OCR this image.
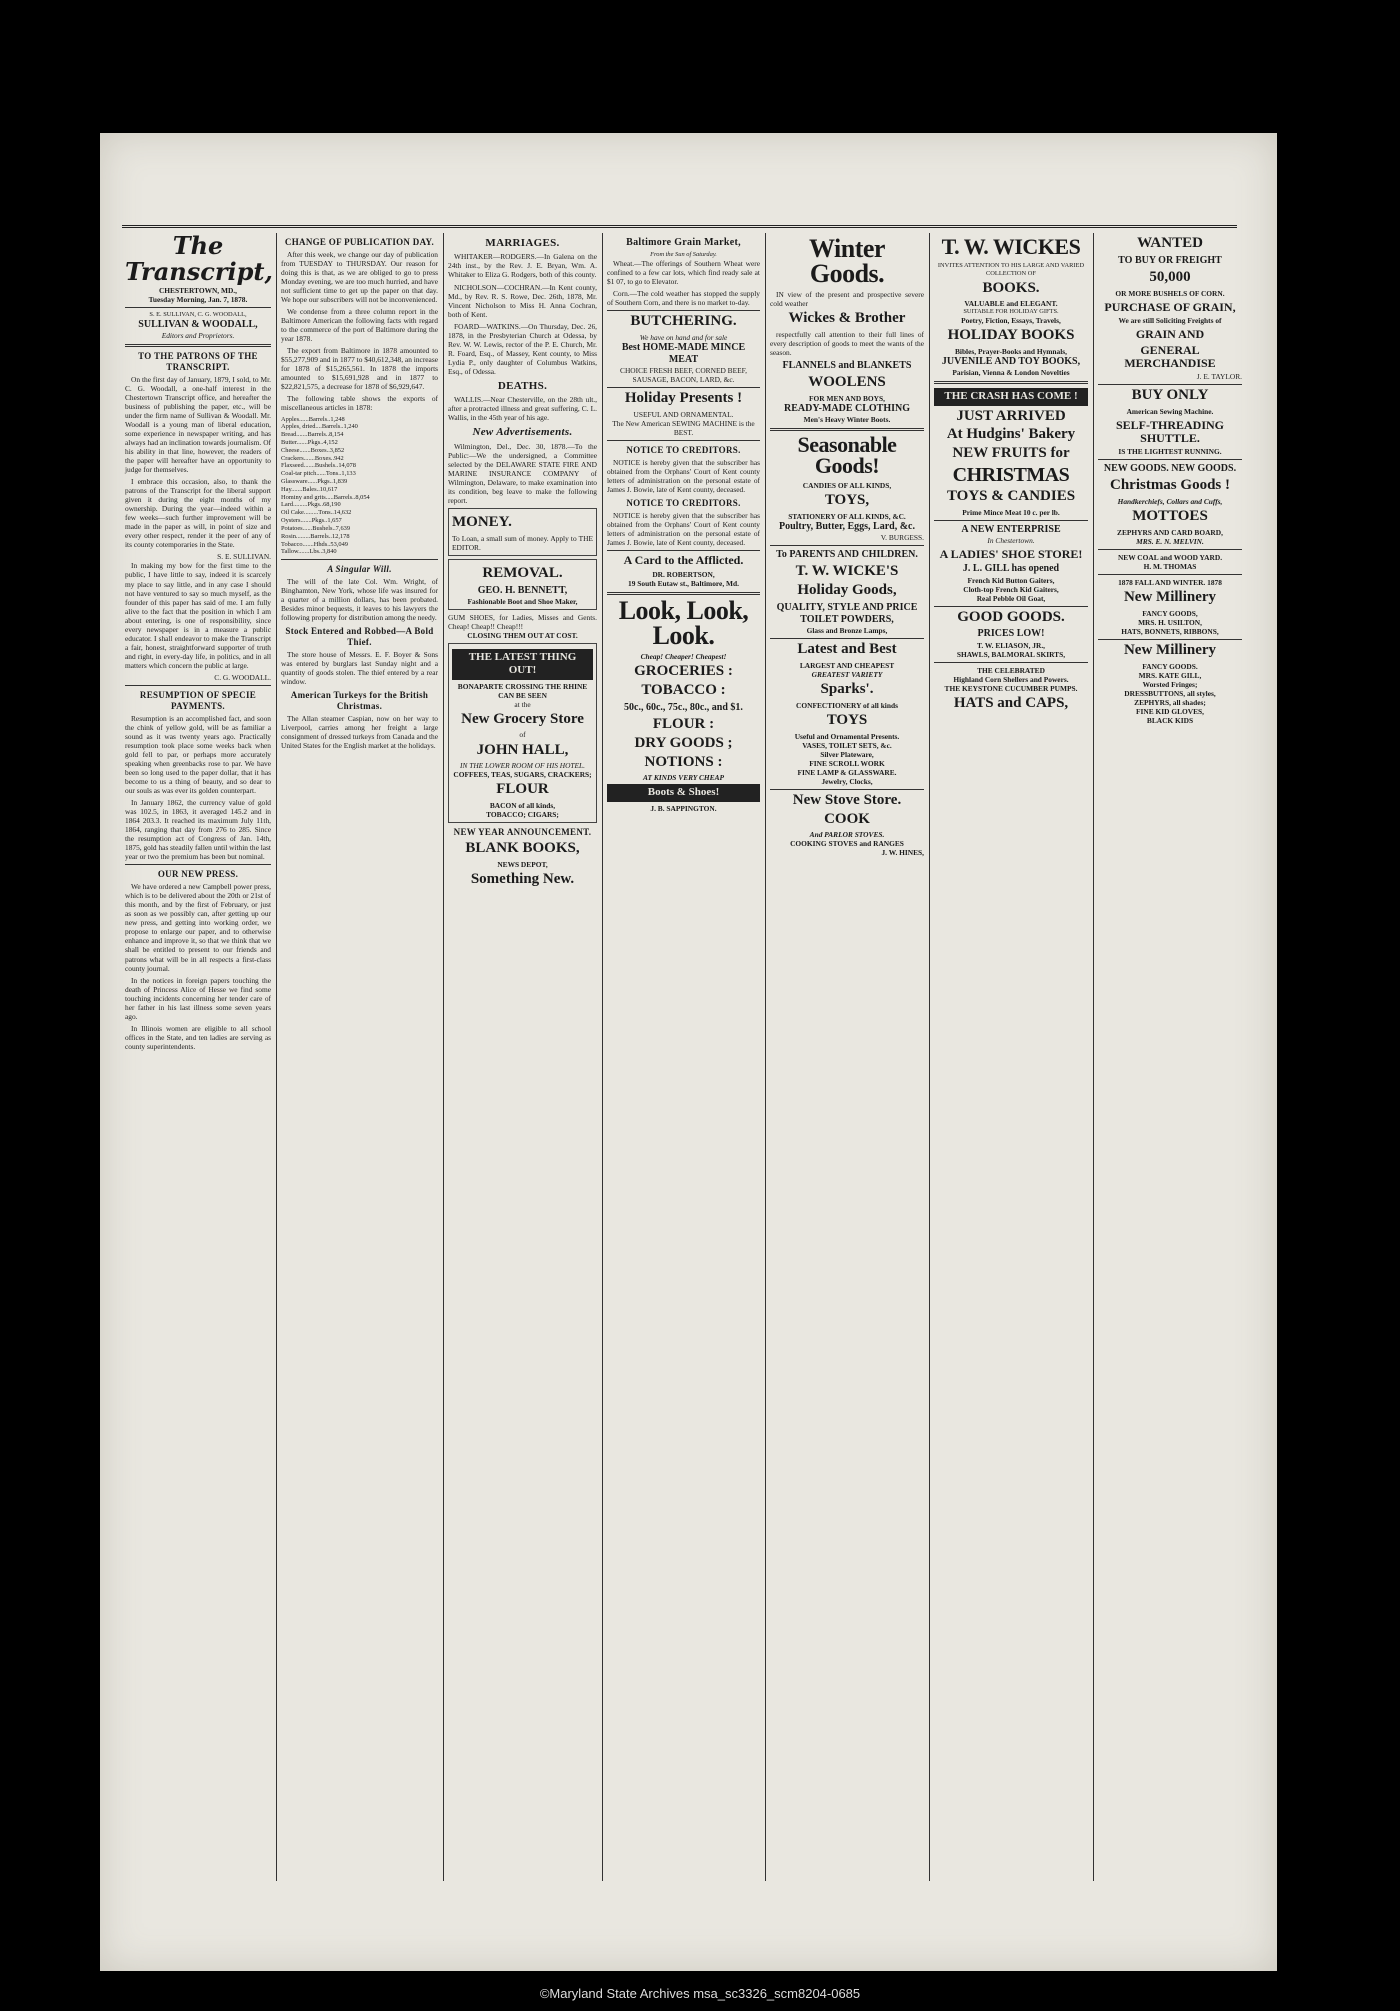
The Transcript,
CHESTERTOWN, MD.,
Tuesday Morning, Jan. 7, 1878.
S. E. SULLIVAN, C. G. WOODALL,
SULLIVAN & WOODALL,
Editors and Proprietors.
TO THE PATRONS OF THE TRANSCRIPT.

On the first day of January, 1879, I sold, to Mr. C. G. Woodall, a one-half interest in the Chestertown Transcript office, and hereafter the business of publishing the paper, etc., will be under the firm name of Sullivan & Woodall. Mr. Woodall is a young man of liberal education, some experience in newspaper writing, and has always had an inclination towards journalism. Of his ability in that line, however, the readers of the paper will hereafter have an opportunity to judge for themselves.

I embrace this occasion, also, to thank the patrons of the Transcript for the liberal support given it during the eight months of my ownership. During the year—indeed within a few weeks—such further improvement will be made in the paper as will, in point of size and every other respect, render it the peer of any of its county cotemporaries in the State.

S. E. SULLIVAN.

In making my bow for the first time to the public, I have little to say, indeed it is scarcely my place to say little, and in any case I should not have ventured to say so much myself, as the founder of this paper has said of me. I am fully alive to the fact that the position in which I am about entering, is one of responsibility, since every newspaper is in a measure a public educator. I shall endeavor to make the Transcript a fair, honest, straightforward supporter of truth and right, in every-day life, in politics, and in all matters which concern the public at large.

C. G. WOODALL.
RESUMPTION OF SPECIE PAYMENTS.

Resumption is an accomplished fact, and soon the chink of yellow gold, will be as familiar a sound as it was twenty years ago. Practically resumption took place some weeks back when gold fell to par, or perhaps more accurately speaking when greenbacks rose to par. We have been so long used to the paper dollar, that it has become to us a thing of beauty, and so dear to our souls as was ever its golden counterpart.

In January 1862, the currency value of gold was 102.5, in 1863, it averaged 145.2 and in 1864 203.3. It reached its maximum July 11th, 1864, ranging that day from 276 to 285. Since the resumption act of Congress of Jan. 14th, 1875, gold has steadily fallen until within the last year or two the premium has been but nominal.

OUR NEW PRESS.

We have ordered a new Campbell power press, which is to be delivered about the 20th or 21st of this month, and by the first of February, or just as soon as we possibly can, after getting up our new press, and getting into working order, we propose to enlarge our paper, and to otherwise enhance and improve it, so that we think that we shall be entitled to present to our friends and patrons what will be in all respects a first-class county journal.

In the notices in foreign papers touching the death of Princess Alice of Hesse we find some touching incidents concerning her tender care of her father in his last illness some seven years ago.

In Illinois women are eligible to all school offices in the State, and ten ladies are serving as county superintendents.

CHANGE OF PUBLICATION DAY.

After this week, we change our day of publication from TUESDAY to THURSDAY. Our reason for doing this is that, as we are obliged to go to press Monday evening, we are too much hurried, and have not sufficient time to get up the paper on that day. We hope our subscribers will not be inconvenienced.

We condense from a three column report in the Baltimore American the following facts with regard to the commerce of the port of Baltimore during the year 1878.

The export from Baltimore in 1878 amounted to $55,277,909 and in 1877 to $40,612,348, an increase for 1878 of $15,265,561. In 1878 the imports amounted to $15,691,928 and in 1877 to $22,821,575, a decrease for 1878 of $6,929,647.

The following table shows the exports of miscellaneous articles in 1878:

Apples......Barrels..1,248
Apples, dried....Barrels..1,240
Bread.......Barrels..8,154
Butter.......Pkgs..4,152
Cheese.......Boxes..3,852
Crackers.......Boxes..942
Flaxseed.......Bushels..14,078
Coal-tar pitch......Tons..1,133
Glassware......Pkgs..1,839
Hay.......Bales..10,617
Hominy and grits.....Barrels..8,054
Lard.........Pkgs..68,190
Oil Cake.........Tons..14,632
Oysters.......Pkgs..1,657
Potatoes......Bushels..7,639
Rosin.........Barrels..12,178
Tobacco.......Hhds..53,049
Tallow.......Lbs..3,840
A Singular Will.

The will of the late Col. Wm. Wright, of Binghamton, New York, whose life was insured for a quarter of a million dollars, has been probated. Besides minor bequests, it leaves to his lawyers the following property for distribution among the needy.

Stock Entered and Robbed—A Bold Thief.

The store house of Messrs. E. F. Boyer & Sons was entered by burglars last Sunday night and a quantity of goods stolen. The thief entered by a rear window.

American Turkeys for the British Christmas.

The Allan steamer Caspian, now on her way to Liverpool, carries among her freight a large consignment of dressed turkeys from Canada and the United States for the English market at the holidays.

MARRIAGES.

WHITAKER—RODGERS.—In Galena on the 24th inst., by the Rev. J. E. Bryan, Wm. A. Whitaker to Eliza G. Rodgers, both of this county.

NICHOLSON—COCHRAN.—In Kent county, Md., by Rev. R. S. Rowe, Dec. 26th, 1878, Mr. Vincent Nicholson to Miss H. Anna Cochran, both of Kent.

FOARD—WATKINS.—On Thursday, Dec. 26, 1878, in the Presbyterian Church at Odessa, by Rev. W. W. Lewis, rector of the P. E. Church, Mr. R. Foard, Esq., of Massey, Kent county, to Miss Lydia P., only daughter of Columbus Watkins, Esq., of Odessa.

DEATHS.

WALLIS.—Near Chesterville, on the 28th ult., after a protracted illness and great suffering, C. L. Wallis, in the 45th year of his age.

New Advertisements.

Wilmington, Del., Dec. 30, 1878.—To the Public:—We the undersigned, a Committee selected by the DELAWARE STATE FIRE AND MARINE INSURANCE COMPANY of Wilmington, Delaware, to make examination into its condition, beg leave to make the following report.

MONEY.
To Loan, a small sum of money. Apply to THE EDITOR.
REMOVAL.
GEO. H. BENNETT,
Fashionable Boot and Shoe Maker,
GUM SHOES, for Ladies, Misses and Gents. Cheap! Cheap!! Cheap!!!
CLOSING THEM OUT AT COST.
THE LATEST THING OUT!
BONAPARTE CROSSING THE RHINE CAN BE SEEN
at the
New Grocery Store
of
JOHN HALL,
IN THE LOWER ROOM OF HIS HOTEL.
COFFEES, TEAS, SUGARS, CRACKERS;
FLOUR
BACON of all kinds,
TOBACCO; CIGARS;
NEW YEAR ANNOUNCEMENT.
BLANK BOOKS,
NEWS DEPOT,
Something New.
Baltimore Grain Market,
From the Sun of Saturday.

Wheat.—The offerings of Southern Wheat were confined to a few car lots, which find ready sale at $1 07, to go to Elevator.

Corn.—The cold weather has stopped the supply of Southern Corn, and there is no market to-day.

BUTCHERING.
We have on hand and for sale
Best HOME-MADE MINCE MEAT
CHOICE FRESH BEEF, CORNED BEEF, SAUSAGE, BACON, LARD, &c.
Holiday Presents !
USEFUL AND ORNAMENTAL.
The New American SEWING MACHINE is the BEST.
NOTICE TO CREDITORS.

NOTICE is hereby given that the subscriber has obtained from the Orphans' Court of Kent county letters of administration on the personal estate of James J. Bowie, late of Kent county, deceased.

NOTICE TO CREDITORS.

NOTICE is hereby given that the subscriber has obtained from the Orphans' Court of Kent county letters of administration on the personal estate of James J. Bowie, late of Kent county, deceased.

A Card to the Afflicted.
DR. ROBERTSON,
19 South Eutaw st., Baltimore, Md.
Look, Look, Look.
Cheap! Cheaper! Cheapest!
GROCERIES :
TOBACCO :
50c., 60c., 75c., 80c., and $1.
FLOUR :
DRY GOODS ;
NOTIONS :
AT KINDS VERY CHEAP
Boots & Shoes!
J. B. SAPPINGTON.
Winter Goods.

IN view of the present and prospective severe cold weather

Wickes & Brother

respectfully call attention to their full lines of every description of goods to meet the wants of the season.

FLANNELS and BLANKETS
WOOLENS
FOR MEN AND BOYS,
READY-MADE CLOTHING
Men's Heavy Winter Boots.
Seasonable Goods!
CANDIES OF ALL KINDS,
TOYS,
STATIONERY OF ALL KINDS, &C.
Poultry, Butter, Eggs, Lard, &c.
V. BURGESS.
To PARENTS AND CHILDREN.
T. W. WICKE'S
Holiday Goods,
QUALITY, STYLE AND PRICE
TOILET POWDERS,
Glass and Bronze Lamps,
Latest and Best
LARGEST AND CHEAPEST
GREATEST VARIETY
Sparks'.
CONFECTIONERY of all kinds
TOYS
Useful and Ornamental Presents.
VASES, TOILET SETS, &c.
Silver Plateware,
FINE SCROLL WORK
FINE LAMP & GLASSWARE.
Jewelry, Clocks,
New Stove Store.
COOK
And PARLOR STOVES.
COOKING STOVES and RANGES
J. W. HINES,
T. W. WICKES
INVITES ATTENTION TO HIS LARGE AND VARIED COLLECTION OF
BOOKS.
VALUABLE and ELEGANT.
SUITABLE FOR HOLIDAY GIFTS.
Poetry, Fiction, Essays, Travels,
HOLIDAY BOOKS
Bibles, Prayer-Books and Hymnals,
JUVENILE AND TOY BOOKS,
Parisian, Vienna & London Novelties
THE CRASH HAS COME !
JUST ARRIVED
At Hudgins' Bakery
NEW FRUITS for
CHRISTMAS
TOYS & CANDIES
Prime Mince Meat 10 c. per lb.
A NEW ENTERPRISE
In Chestertown.
A LADIES' SHOE STORE!
J. L. GILL has opened
French Kid Button Gaiters,
Cloth-top French Kid Gaiters,
Real Pebble Oil Goat,
GOOD GOODS.
PRICES LOW!
T. W. ELIASON, JR.,
SHAWLS, BALMORAL SKIRTS,
THE CELEBRATED
Highland Corn Shellers and Powers.
THE KEYSTONE CUCUMBER PUMPS.
HATS and CAPS,
WANTED
TO BUY OR FREIGHT
50,000
OR MORE BUSHELS OF CORN.
PURCHASE OF GRAIN,
We are still Soliciting Freights of
GRAIN AND
GENERAL MERCHANDISE
J. E. TAYLOR.
BUY ONLY
American Sewing Machine.
SELF-THREADING SHUTTLE.
IS THE LIGHTEST RUNNING.
NEW GOODS. NEW GOODS.
Christmas Goods !
Handkerchiefs, Collars and Cuffs,
MOTTOES
ZEPHYRS AND CARD BOARD,
MRS. E. N. MELVIN.
NEW COAL and WOOD YARD.
H. M. THOMAS
1878 FALL AND WINTER. 1878
New Millinery
FANCY GOODS,
MRS. H. USILTON,
HATS, BONNETS, RIBBONS,
New Millinery
FANCY GOODS.
MRS. KATE GILL,
Worsted Fringes;
DRESSBUTTONS, all styles,
ZEPHYRS, all shades;
FINE KID GLOVES,
BLACK KIDS
©Maryland State Archives msa_sc3326_scm8204-0685
